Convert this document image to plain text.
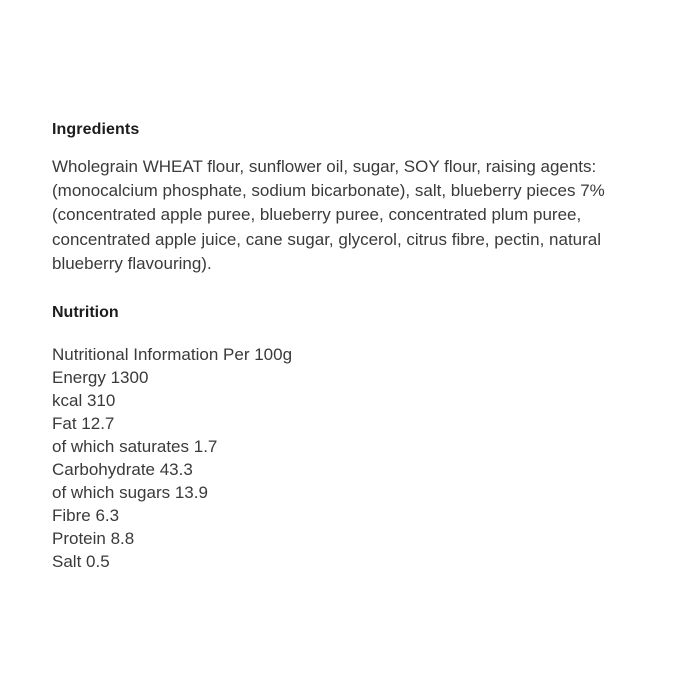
Ingredients

Wholegrain WHEAT flour, sunflower oil, sugar, SOY flour, raising agents: (monocalcium phosphate, sodium bicarbonate), salt, blueberry pieces 7% (concentrated apple puree, blueberry puree, concentrated plum puree, concentrated apple juice, cane sugar, glycerol, citrus fibre, pectin, natural blueberry flavouring).

Nutrition
Nutritional Information Per 100g
Energy 1300
kcal 310
Fat 12.7
of which saturates 1.7
Carbohydrate 43.3
of which sugars 13.9
Fibre 6.3
Protein 8.8
Salt 0.5
